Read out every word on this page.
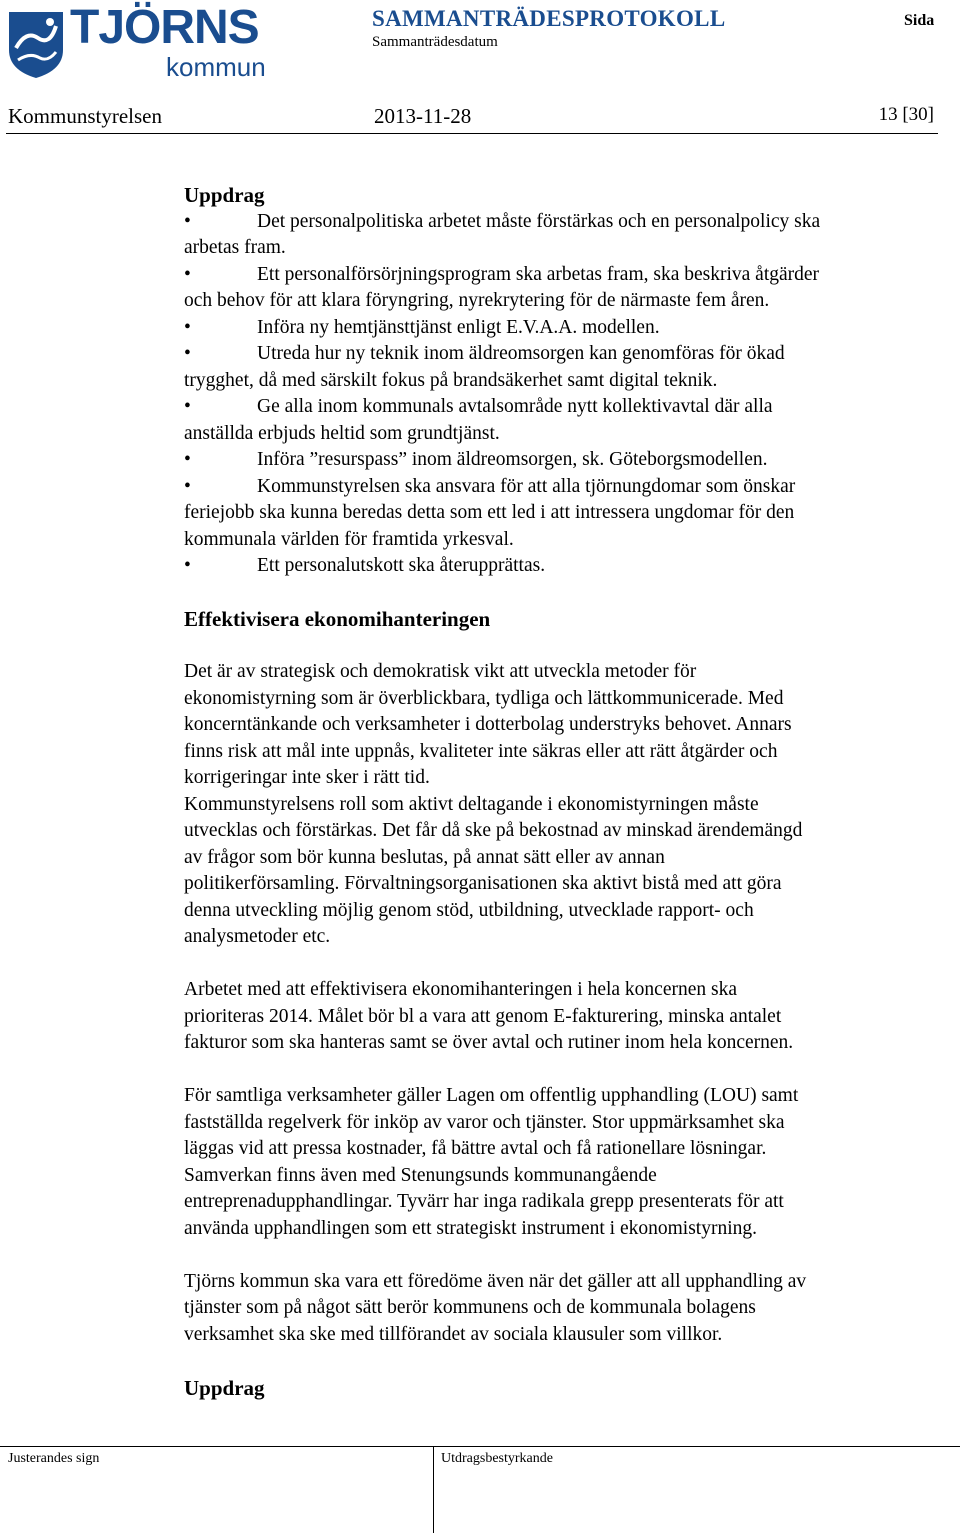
TJÖRNS
kommun
SAMMANTRÄDESPROTOKOLL
Sammanträdesdatum
Sida
Kommunstyrelsen	2013-11-28	13 [30]

Uppdrag

•	Det personalpolitiska arbetet måste förstärkas och en personalpolicy ska

arbetas fram.

•	Ett personalförsörjningsprogram ska arbetas fram, ska beskriva åtgärder

och behov för att klara föryngring, nyrekrytering för de närmaste fem åren.

•	Införa ny hemtjänsttjänst enligt E.V.A.A. modellen.
•	Utreda hur ny teknik inom äldreomsorgen kan genomföras för ökad

trygghet, då med särskilt fokus på brandsäkerhet samt digital teknik.

•	Ge alla inom kommunals avtalsområde nytt kollektivavtal där alla

anställda erbjuds heltid som grundtjänst.

•	Införa ”resurspass” inom äldreomsorgen, sk. Göteborgsmodellen.
•	Kommunstyrelsen ska ansvara för att alla tjörnungdomar som önskar

feriejobb ska kunna beredas detta som ett led i att intressera ungdomar för den

kommunala världen för framtida yrkesval.

•	Ett personalutskott ska återupprättas.

Effektivisera ekonomihanteringen

Det är av strategisk och demokratisk vikt att utveckla metoder för

ekonomistyrning som är överblickbara, tydliga och lättkommunicerade. Med

koncerntänkande och verksamheter i dotterbolag understryks behovet. Annars

finns risk att mål inte uppnås, kvaliteter inte säkras eller att rätt åtgärder och

korrigeringar inte sker i rätt tid.

Kommunstyrelsens roll som aktivt deltagande i ekonomistyrningen måste

utvecklas och förstärkas. Det får då ske på bekostnad av minskad ärendemängd

av frågor som bör kunna beslutas, på annat sätt eller av annan

politikerförsamling. Förvaltningsorganisationen ska aktivt bistå med att göra

denna utveckling möjlig genom stöd, utbildning, utvecklade rapport- och

analysmetoder etc.

Arbetet med att effektivisera ekonomihanteringen i hela koncernen ska

prioriteras 2014. Målet bör bl a vara att genom E-fakturering, minska antalet

fakturor som ska hanteras samt se över avtal och rutiner inom hela koncernen.

För samtliga verksamheter gäller Lagen om offentlig upphandling (LOU) samt

fastställda regelverk för inköp av varor och tjänster. Stor uppmärksamhet ska

läggas vid att pressa kostnader, få bättre avtal och få rationellare lösningar.

Samverkan finns även med Stenungsunds kommunangående

entreprenadupphandlingar. Tyvärr har inga radikala grepp presenterats för att

använda upphandlingen som ett strategiskt instrument i ekonomistyrning.

Tjörns kommun ska vara ett föredöme även när det gäller att all upphandling av

tjänster som på något sätt berör kommunens och de kommunala bolagens

verksamhet ska ske med tillförandet av sociala klausuler som villkor.

Uppdrag

Justerandes sign	Utdragsbestyrkande
